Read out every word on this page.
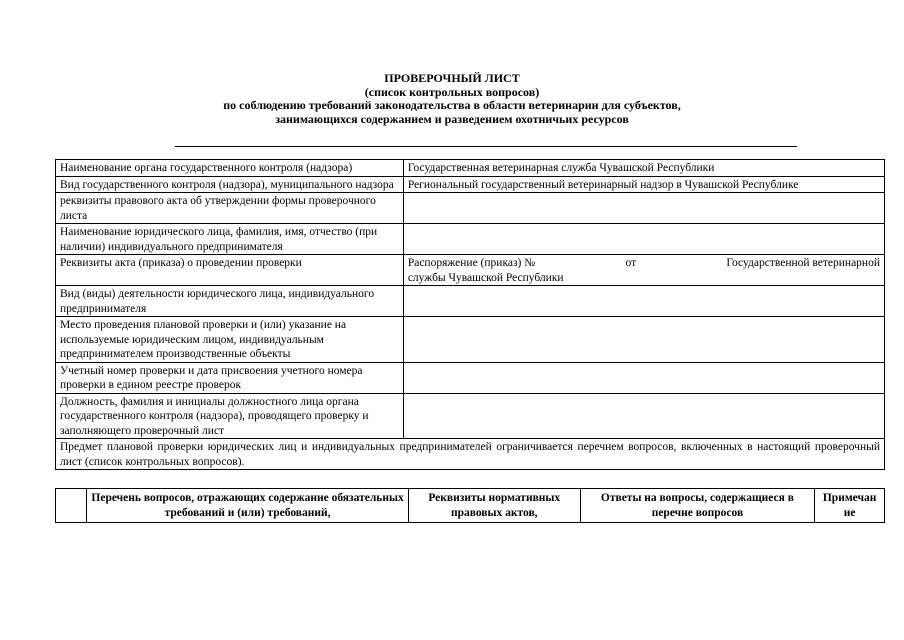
ПРОВЕРОЧНЫЙ ЛИСТ
(список контрольных вопросов)
по соблюдению требований законодательства в области ветеринарии для субъектов,
занимающихся содержанием и разведением охотничьих ресурсов
Наименование органа государственного контроля (надзора)	Государственная ветеринарная служба Чувашской Республики
Вид государственного контроля (надзора), муниципального надзора	Региональный государственный ветеринарный надзор в Чувашской Республике
реквизиты правового акта об утверждении формы проверочного листа	
Наименование юридического лица, фамилия, имя, отчество (при наличии) индивидуального предпринимателя	
Реквизиты акта (приказа) о проведении проверки	Распоряжение (приказ) № от Государственной ветеринарной
службы Чувашской Республики

Вид (виды) деятельности юридического лица, индивидуального предпринимателя	
Место проведения плановой проверки и (или) указание на используемые юридическим лицом, индивидуальным предпринимателем производственные объекты	
Учетный номер проверки и дата присвоения учетного номера проверки в едином реестре проверок	
Должность, фамилия и инициалы должностного лица органа государственного контроля (надзора), проводящего проверку и заполняющего проверочный лист	
Предмет плановой проверки юридических лиц и индивидуальных предпринимателей ограничивается перечнем вопросов, включенных в настоящий проверочный лист (список контрольных вопросов).	
	Перечень вопросов, отражающих содержание обязательных требований и (или) требований,	Реквизиты нормативных правовых актов,	Ответы на вопросы, содержащиеся в перечне вопросов	Примечан ие
